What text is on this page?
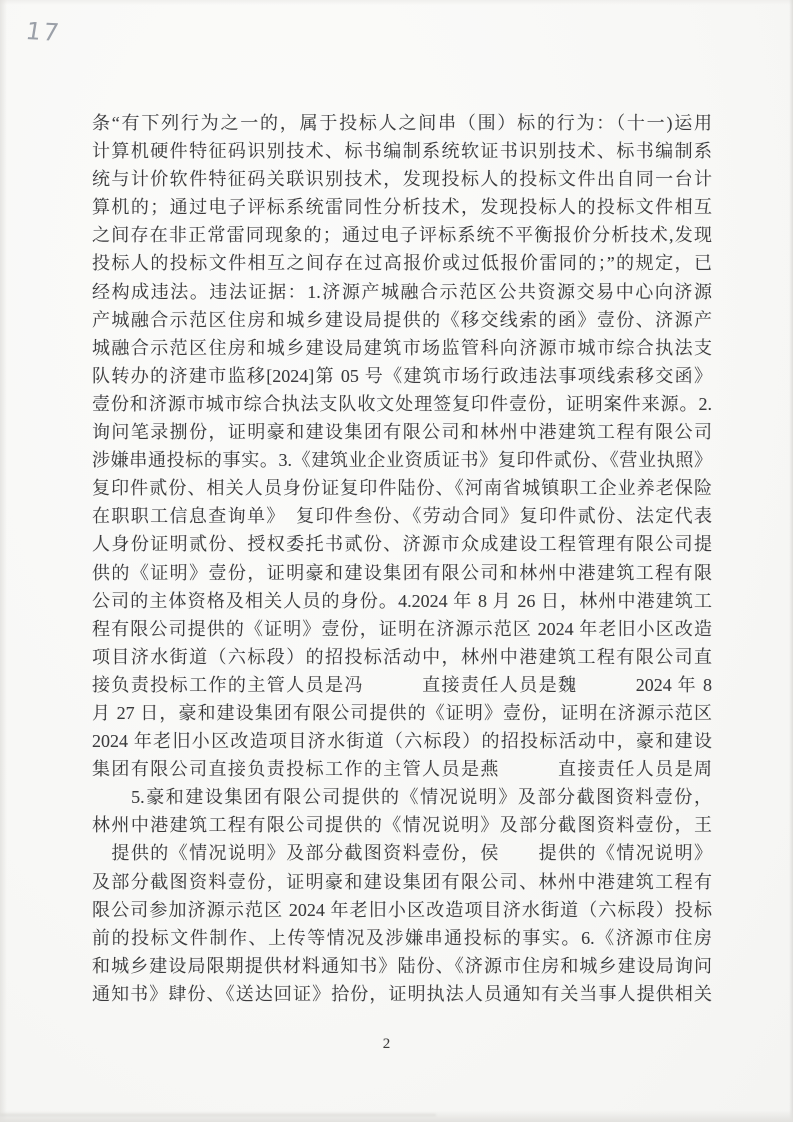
17
条“有下列行为之一的，属于投标人之间串（围）标的行为：（十一)运用
计算机硬件特征码识别技术、标书编制系统软证书识别技术、标书编制系
统与计价软件特征码关联识别技术，发现投标人的投标文件出自同一台计
算机的；通过电子评标系统雷同性分析技术，发现投标人的投标文件相互
之间存在非正常雷同现象的；通过电子评标系统不平衡报价分析技术,发现
投标人的投标文件相互之间存在过高报价或过低报价雷同的；”的规定，已
经构成违法。违法证据：1.济源产城融合示范区公共资源交易中心向济源
产城融合示范区住房和城乡建设局提供的《移交线索的函》壹份、济源产
城融合示范区住房和城乡建设局建筑市场监管科向济源市城市综合执法支
队转办的济建市监移[2024]第 05 号《建筑市场行政违法事项线索移交函》
壹份和济源市城市综合执法支队收文处理签复印件壹份，证明案件来源。2.
询问笔录捌份，证明豪和建设集团有限公司和林州中港建筑工程有限公司
涉嫌串通投标的事实。3.《建筑业企业资质证书》复印件贰份、《营业执照》
复印件贰份、相关人员身份证复印件陆份、《河南省城镇职工企业养老保险
在职职工信息查询单》　复印件叁份、《劳动合同》复印件贰份、法定代表
人身份证明贰份、授权委托书贰份、济源市众成建设工程管理有限公司提
供的《证明》壹份，证明豪和建设集团有限公司和林州中港建筑工程有限
公司的主体资格及相关人员的身份。4.2024 年 8 月 26 日，林州中港建筑工
程有限公司提供的《证明》壹份，证明在济源示范区 2024 年老旧小区改造
项目济水街道（六标段）的招投标活动中，林州中港建筑工程有限公司直
接负责投标工作的主管人员是冯　　　直接责任人员是魏　　　2024 年 8
月 27 日，豪和建设集团有限公司提供的《证明》壹份，证明在济源示范区
2024 年老旧小区改造项目济水街道（六标段）的招投标活动中，豪和建设
集团有限公司直接负责投标工作的主管人员是燕　　　直接责任人员是周
　　5.豪和建设集团有限公司提供的《情况说明》及部分截图资料壹份，
林州中港建筑工程有限公司提供的《情况说明》及部分截图资料壹份，王
　提供的《情况说明》及部分截图资料壹份，侯　　提供的《情况说明》
及部分截图资料壹份，证明豪和建设集团有限公司、林州中港建筑工程有
限公司参加济源示范区 2024 年老旧小区改造项目济水街道（六标段）投标
前的投标文件制作、上传等情况及涉嫌串通投标的事实。6.《济源市住房
和城乡建设局限期提供材料通知书》陆份、《济源市住房和城乡建设局询问
通知书》肆份、《送达回证》拾份，证明执法人员通知有关当事人提供相关
2
